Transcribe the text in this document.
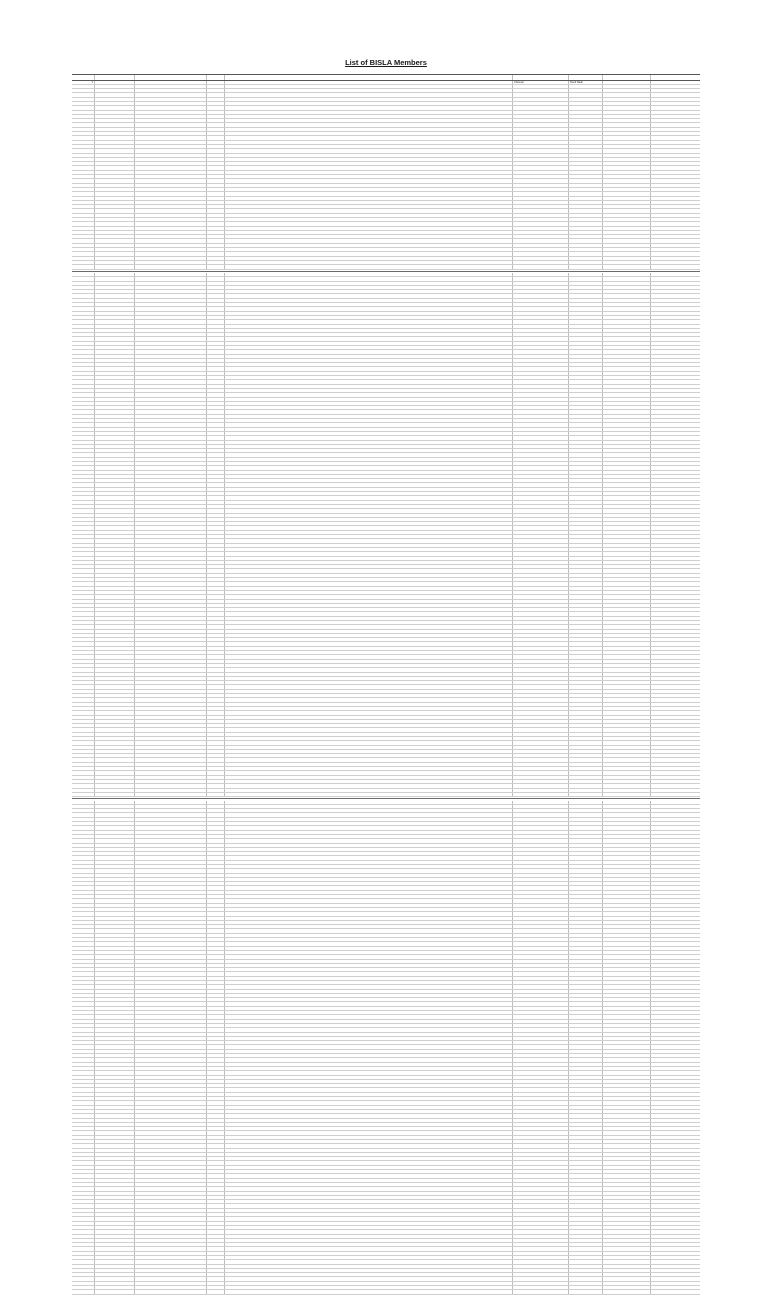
List of BISLA Members
1	Chennai	Tamil Nadu
